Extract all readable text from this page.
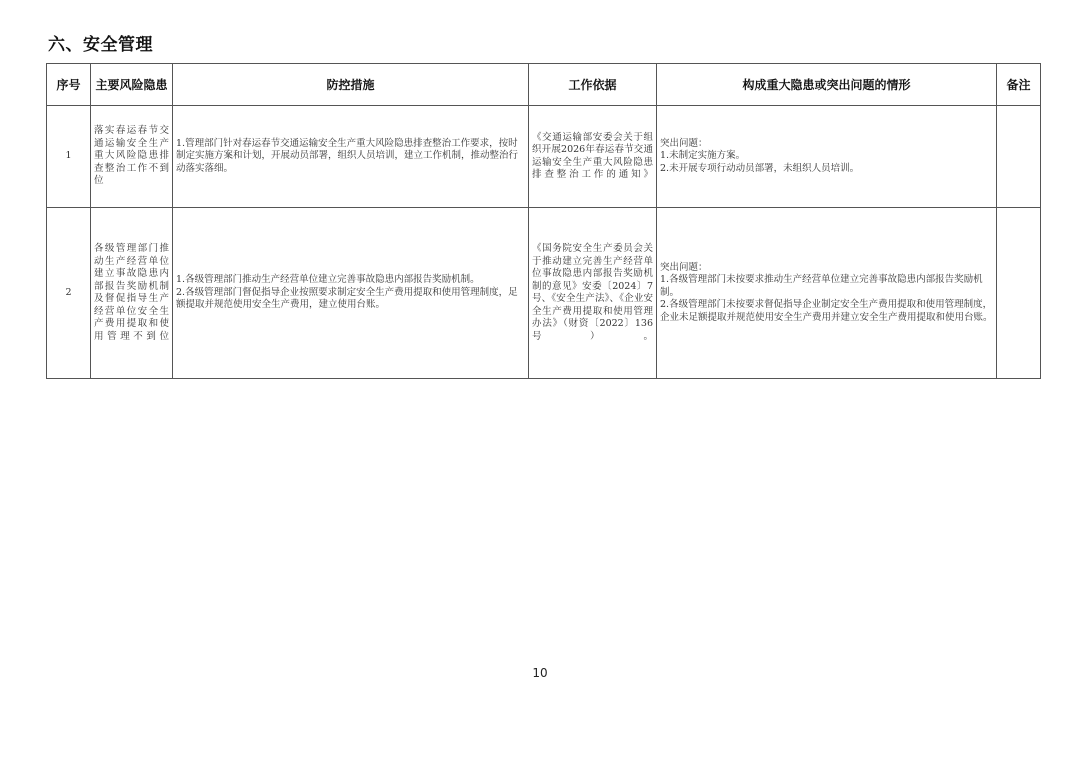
六、安全管理
序号	主要风险隐患	防控措施	工作依据	构成重大隐患或突出问题的情形	备注
1	落实春运春节交通运输安全生产重大风险隐患排查整治工作不到位	1.管理部门针对春运春节交通运输安全生产重大风险隐患排查整治工作要求，按时制定实施方案和计划，开展动员部署，组织人员培训，建立工作机制，推动整治行动落实落细。	《交通运输部安委会关于组织开展2026年春运春节交通运输安全生产重大风险隐患排查整治工作的通知》	突出问题：
1.未制定实施方案。
2.未开展专项行动动员部署，未组织人员培训。	

2	各级管理部门推动生产经营单位建立事故隐患内部报告奖励机制及督促指导生产经营单位安全生产费用提取和使用管理不到位	1.各级管理部门推动生产经营单位建立完善事故隐患内部报告奖励机制。
2.各级管理部门督促指导企业按照要求制定安全生产费用提取和使用管理制度，足额提取并规范使用安全生产费用，建立使用台账。	《国务院安全生产委员会关于推动建立完善生产经营单位事故隐患内部报告奖励机制的意见》安委〔2024〕7号、《安全生产法》、《企业安全生产费用提取和使用管理办法》（财资〔2022〕136号）。	突出问题：
1.各级管理部门未按要求推动生产经营单位建立完善事故隐患内部报告奖励机制。
2.各级管理部门未按要求督促指导企业制定安全生产费用提取和使用管理制度，企业未足额提取并规范使用安全生产费用并建立安全生产费用提取和使用台账。	

10
